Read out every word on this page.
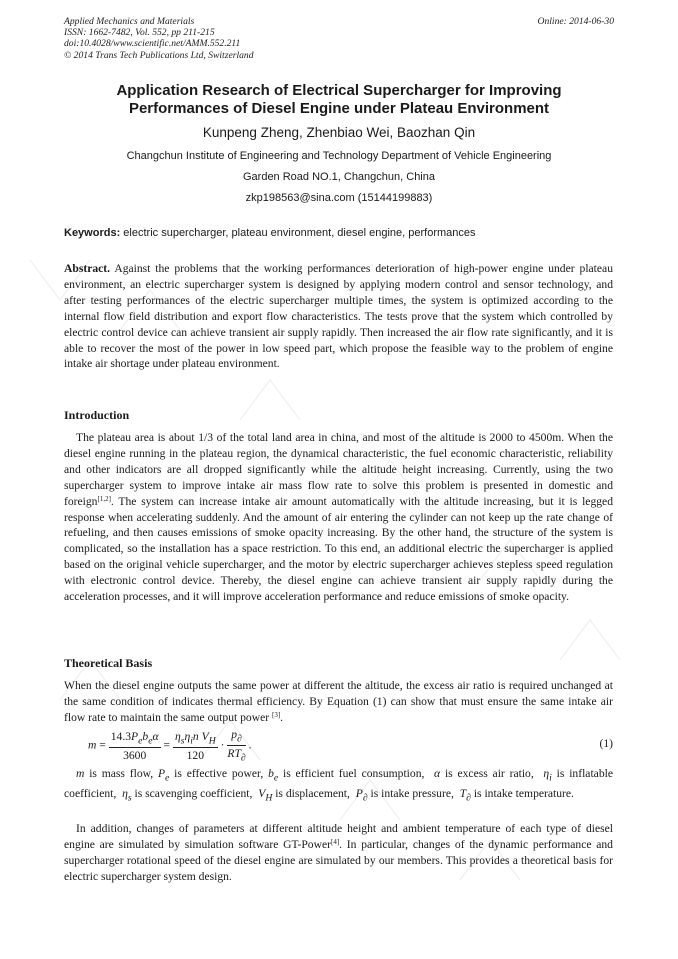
Applied Mechanics and Materials
ISSN: 1662-7482, Vol. 552, pp 211-215
doi:10.4028/www.scientific.net/AMM.552.211
© 2014 Trans Tech Publications Ltd, Switzerland
Online: 2014-06-30
Application Research of Electrical Supercharger for Improving
Performances of Diesel Engine under Plateau Environment
Kunpeng Zheng, Zhenbiao Wei, Baozhan Qin
Changchun Institute of Engineering and Technology Department of Vehicle Engineering
Garden Road NO.1, Changchun, China
zkp198563@sina.com (15144199883)
Keywords: electric supercharger, plateau environment, diesel engine, performances
Abstract. Against the problems that the working performances deterioration of high-power engine under plateau environment, an electric supercharger system is designed by applying modern control and sensor technology, and after testing performances of the electric supercharger multiple times, the system is optimized according to the internal flow field distribution and export flow characteristics. The tests prove that the system which controlled by electric control device can achieve transient air supply rapidly. Then increased the air flow rate significantly, and it is able to recover the most of the power in low speed part, which propose the feasible way to the problem of engine intake air shortage under plateau environment.
Introduction
The plateau area is about 1/3 of the total land area in china, and most of the altitude is 2000 to 4500m. When the diesel engine running in the plateau region, the dynamical characteristic, the fuel economic characteristic, reliability and other indicators are all dropped significantly while the altitude height increasing. Currently, using the two supercharger system to improve intake air mass flow rate to solve this problem is presented in domestic and foreign[1,2]. The system can increase intake air amount automatically with the altitude increasing, but it is legged response when accelerating suddenly. And the amount of air entering the cylinder can not keep up the rate change of refueling, and then causes emissions of smoke opacity increasing. By the other hand, the structure of the system is complicated, so the installation has a space restriction. To this end, an additional electric the supercharger is applied based on the original vehicle supercharger, and the motor by electric supercharger achieves stepless speed regulation with electronic control device. Thereby, the diesel engine can achieve transient air supply rapidly during the acceleration processes, and it will improve acceleration performance and reduce emissions of smoke opacity.
Theoretical Basis
When the diesel engine outputs the same power at different the altitude, the excess air ratio is required unchanged at the same condition of indicates thermal efficiency. By Equation (1) can show that must ensure the same intake air flow rate to maintain the same output power [3].
$m = \frac{14.3P_eb_e\alpha}{3600} = \frac{\eta_s\eta_in V_H}{120} \cdot \frac{p_\partial}{RT_\partial}$ .	(1)
m is mass flow, $P_e$ is effective power, $b_e$ is efficient fuel consumption,  α is excess air ratio,  $\eta_i$ is inflatable coefficient,  $\eta_s$ is scavenging coefficient,  $V_H$ is displacement,  $P_\partial$ is intake pressure,  $T_\partial$ is intake temperature.
In addition, changes of parameters at different altitude height and ambient temperature of each type of diesel engine are simulated by simulation software GT-Power[4]. In particular, changes of the dynamic performance and supercharger rotational speed of the diesel engine are simulated by our members. This provides a theoretical basis for electric supercharger system design.
